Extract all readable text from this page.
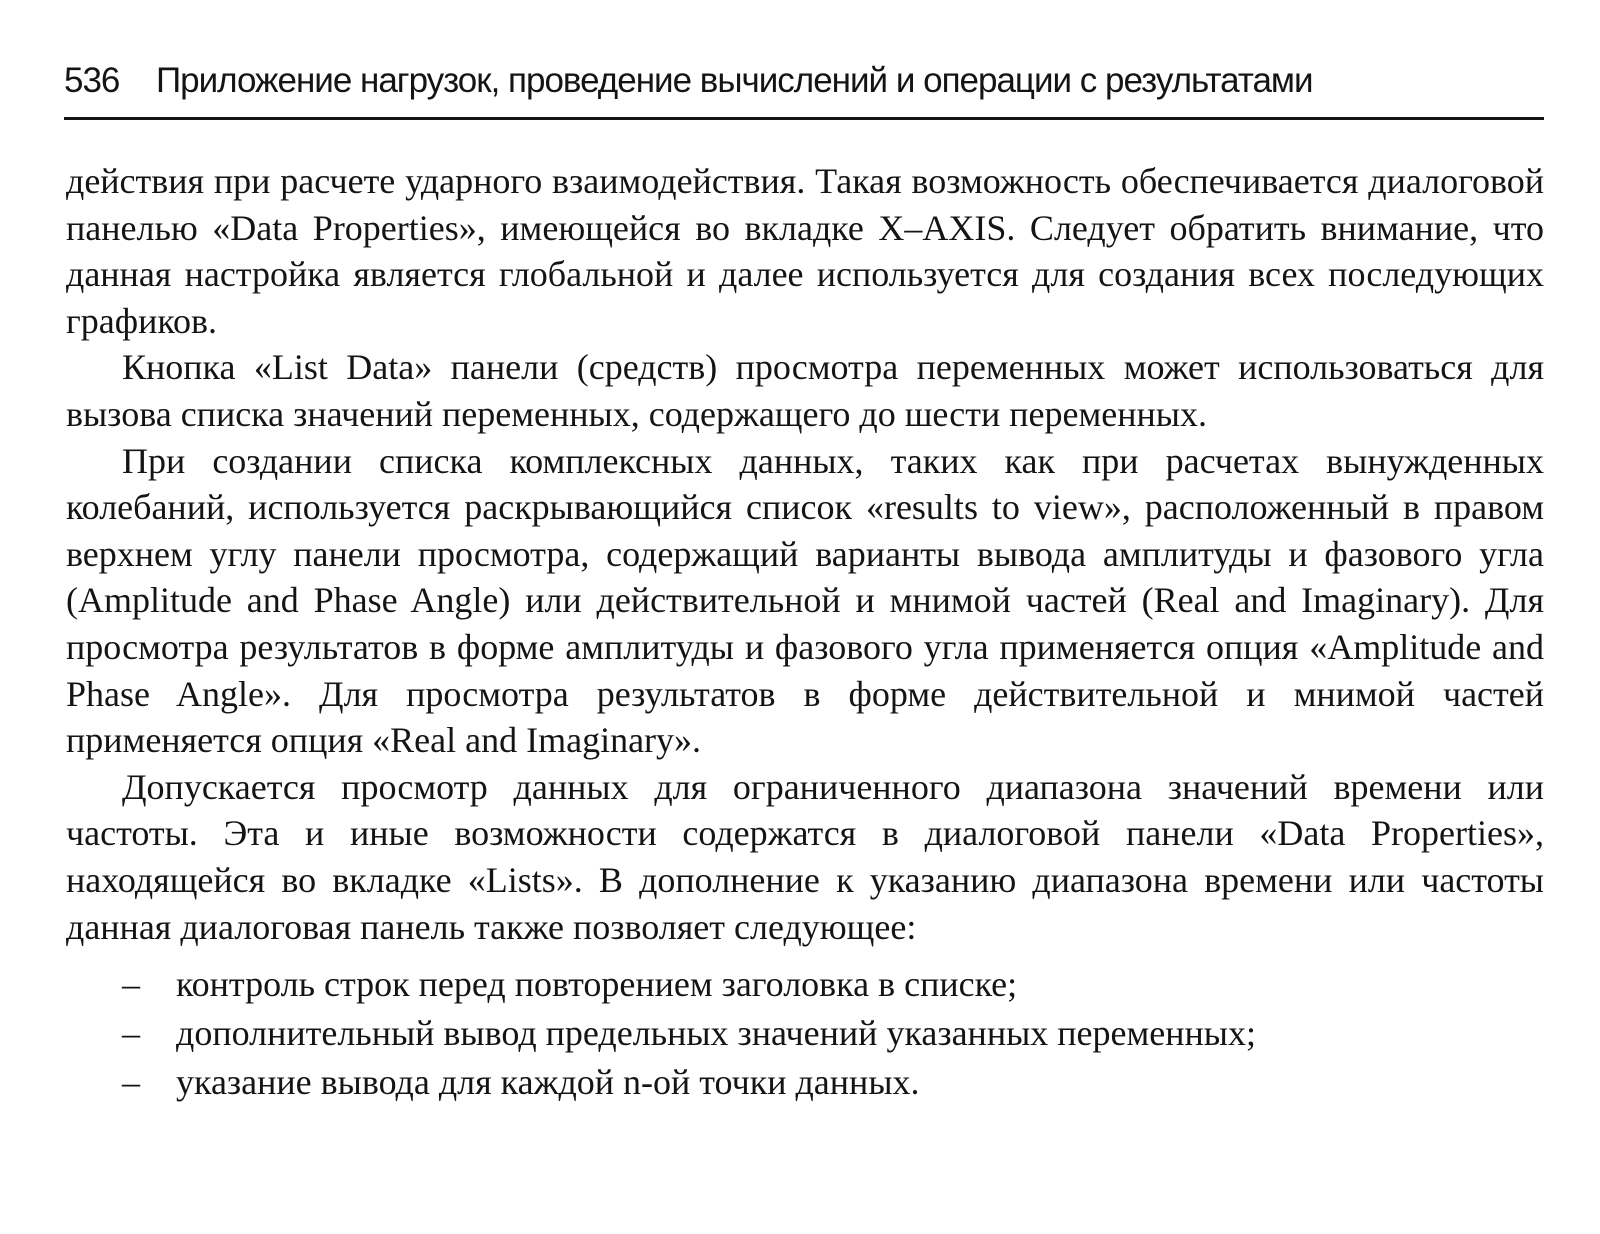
536 Приложение нагрузок, проведение вычислений и операции с результатами

действия при расчете ударного взаимодействия. Такая возможность обеспечивается диалоговой панелью «Data Properties», имеющейся во вкладке X–AXIS. Следует обратить внимание, что данная настройка является глобальной и далее используется для создания всех последующих графиков.

Кнопка «List Data» панели (средств) просмотра переменных может использоваться для вызова списка значений переменных, содержащего до шести переменных.

При создании списка комплексных данных, таких как при расчетах вынужденных колебаний, используется раскрывающийся список «results to view», расположенный в правом верхнем углу панели просмотра, содержащий варианты вывода амплитуды и фазового угла (Amplitude and Phase Angle) или действительной и мнимой частей (Real and Imaginary). Для просмотра результатов в форме амплитуды и фазового угла применяется опция «Amplitude and Phase Angle». Для просмотра результатов в форме действительной и мнимой частей применяется опция «Real and Imaginary».

Допускается просмотр данных для ограниченного диапазона значений времени или частоты. Эта и иные возможности содержатся в диалоговой панели «Data Properties», находящейся во вкладке «Lists». В дополнение к указанию диапазона времени или частоты данная диалоговая панель также позволяет следующее:

– контроль строк перед повторением заголовка в списке;
– дополнительный вывод предельных значений указанных переменных;
– указание вывода для каждой n-ой точки данных.
